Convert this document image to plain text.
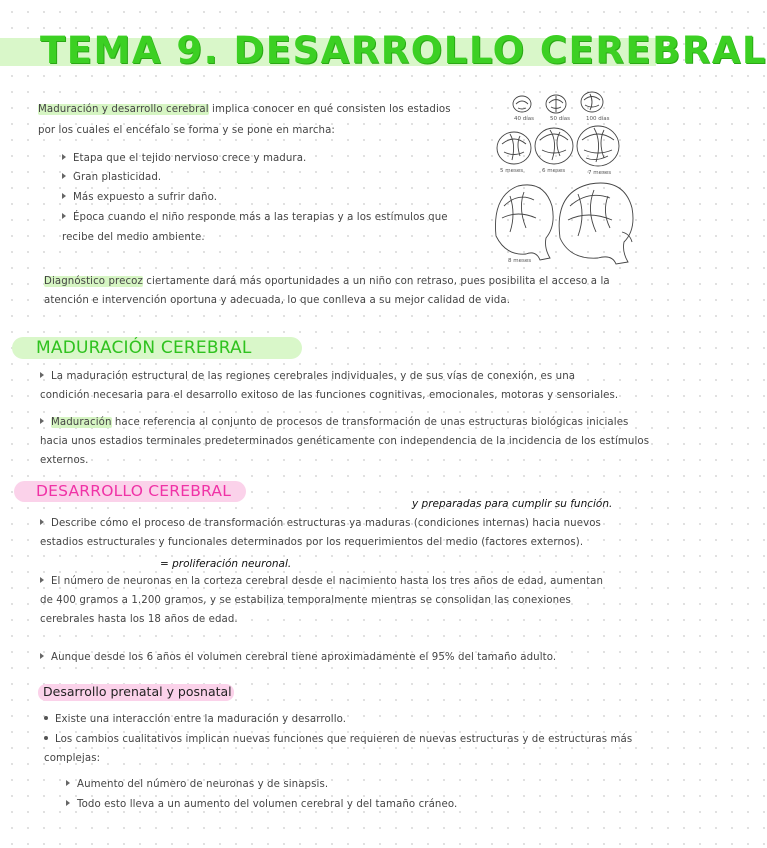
TEMA 9. DESARROLLO CEREBRAL
Maduración y desarrollo cerebral implica conocer en qué consisten los estadios
por los cuales el encéfalo se forma y se pone en marcha:
Etapa que el tejido nervioso crece y madura.
Gran plasticidad.
Más expuesto a sufrir daño.
Época cuando el niño responde más a las terapias y a los estímulos que
recibe del medio ambiente.
40 días	50 días	100 días
5 meses	6 meses	7 meses
8 meses
Diagnóstico precoz ciertamente dará más oportunidades a un niño con retraso, pues posibilita el acceso a la
atención e intervención oportuna y adecuada, lo que conlleva a su mejor calidad de vida.
MADURACIÓN CEREBRAL
La maduración estructural de las regiones cerebrales individuales, y de sus vías de conexión, es una
condición necesaria para el desarrollo exitoso de las funciones cognitivas, emocionales, motoras y sensoriales.
Maduración hace referencia al conjunto de procesos de transformación de unas estructuras biológicas iniciales
hacia unos estadios terminales predeterminados genéticamente con independencia de la incidencia de los estímulos
externos.
DESARROLLO CEREBRAL
y preparadas para cumplir su función.
Describe cómo el proceso de transformación estructuras ya maduras (condiciones internas) hacia nuevos
estadios estructurales y funcionales determinados por los requerimientos del medio (factores externos).
= proliferación neuronal.
El número de neuronas en la corteza cerebral desde el nacimiento hasta los tres años de edad, aumentan
de 400 gramos a 1.200 gramos, y se estabiliza temporalmente mientras se consolidan las conexiones
cerebrales hasta los 18 años de edad.
Aunque desde los 6 años el volumen cerebral tiene aproximadamente el 95% del tamaño adulto.
Desarrollo prenatal y posnatal
Existe una interacción entre la maduración y desarrollo.
Los cambios cualitativos implican nuevas funciones que requieren de nuevas estructuras y de estructuras más
complejas:
Aumento del número de neuronas y de sinapsis.
Todo esto lleva a un aumento del volumen cerebral y del tamaño cráneo.
